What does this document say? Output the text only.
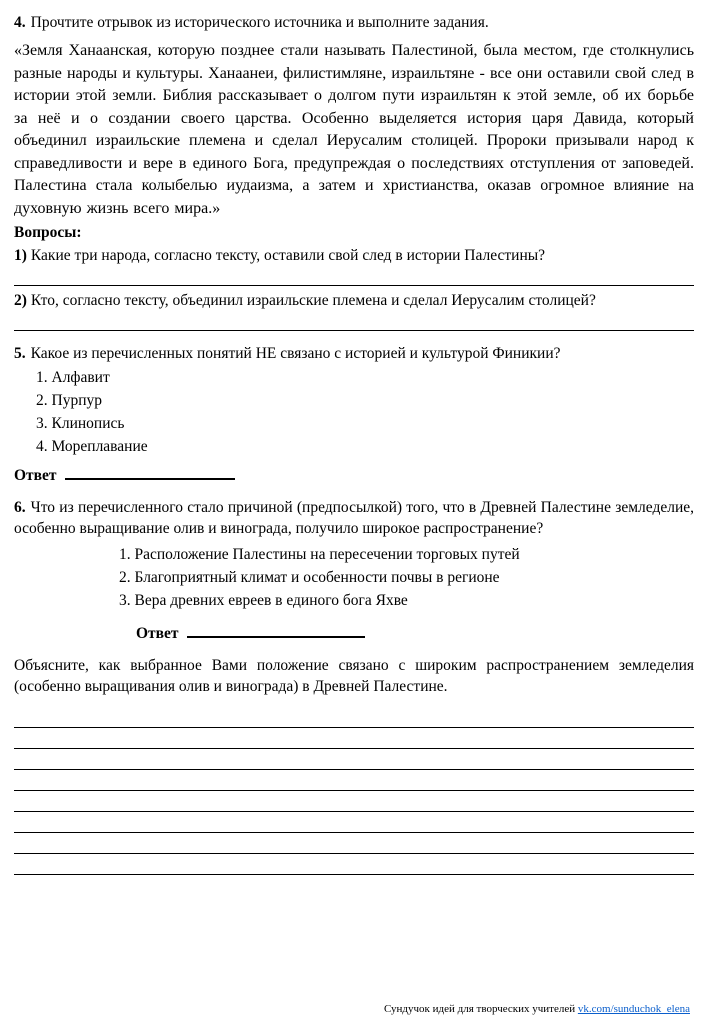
4. Прочтите отрывок из исторического источника и выполните задания.

«Земля Ханаанская, которую позднее стали называть Палестиной, была местом, где столкнулись разные народы и культуры. Ханаанеи, филистимляне, израильтяне - все они оставили свой след в истории этой земли. Библия рассказывает о долгом пути израильтян к этой земле, об их борьбе за неё и о создании своего царства. Особенно выделяется история царя Давида, который объединил израильские племена и сделал Иерусалим столицей. Пророки призывали народ к справедливости и вере в единого Бога, предупреждая о последствиях отступления от заповедей. Палестина стала колыбелью иудаизма, а затем и христианства, оказав огромное влияние на духовную жизнь всего мира.»

Вопросы:

1) Какие три народа, согласно тексту, оставили свой след в истории Палестины?

2) Кто, согласно тексту, объединил израильские племена и сделал Иерусалим столицей?

5. Какое из перечисленных понятий НЕ связано с историей и культурой Финикии?

1. Алфавит
2. Пурпур
3. Клинопись
4. Мореплавание
Ответ

6. Что из перечисленного стало причиной (предпосылкой) того, что в Древней Палестине земледелие, особенно выращивание олив и винограда, получило широкое распространение?

1. Расположение Палестины на пересечении торговых путей
2. Благоприятный климат и особенности почвы в регионе
3. Вера древних евреев в единого бога Яхве
Ответ

Объясните, как выбранное Вами положение связано с широким распространением земледелия (особенно выращивания олив и винограда) в Древней Палестине.

Сундучок идей для творческих учителей vk.com/sunduchok_elena
